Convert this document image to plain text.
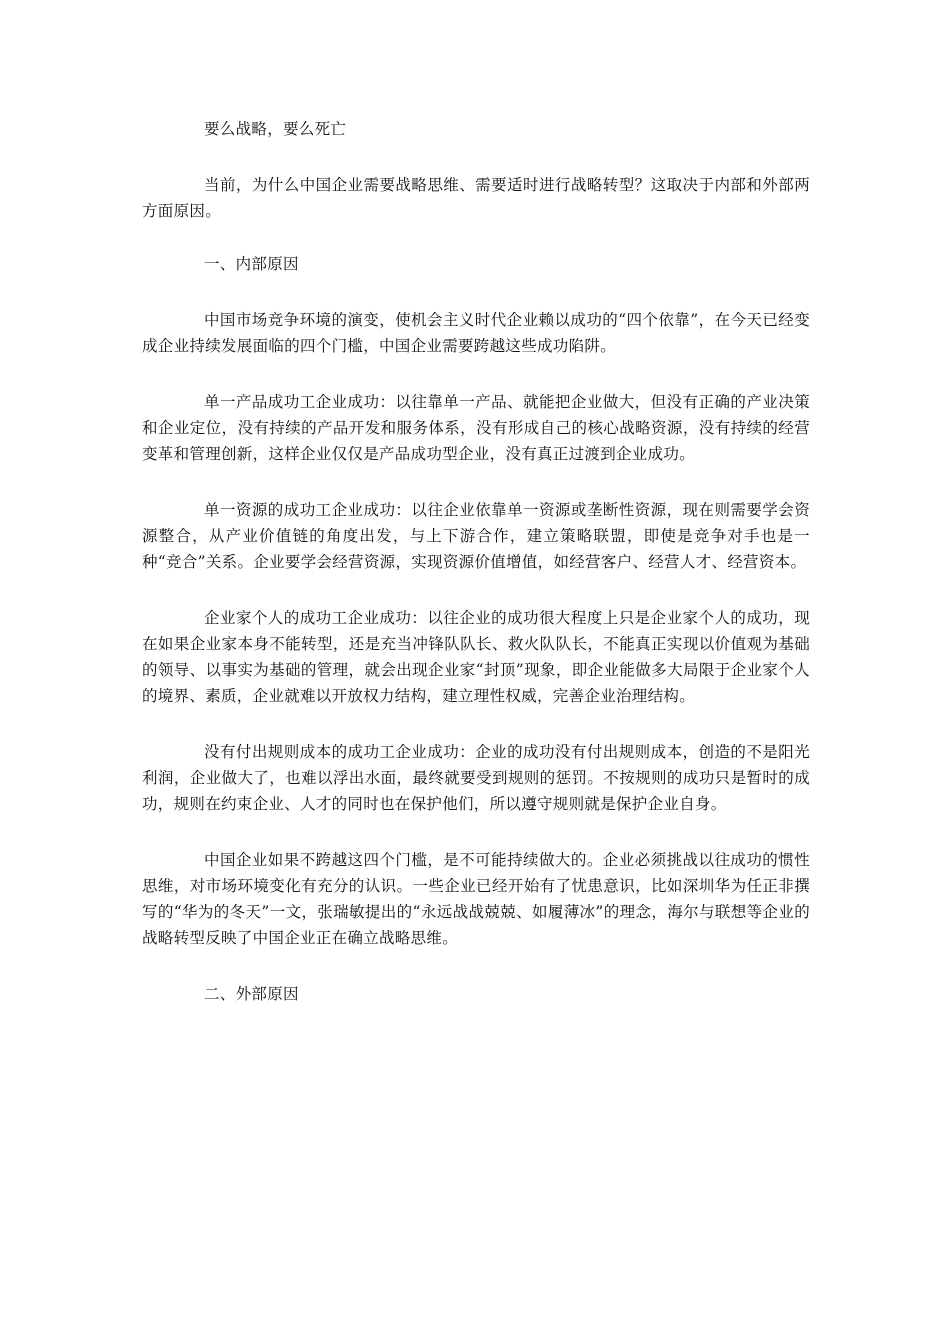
要么战略，要么死亡

当前，为什么中国企业需要战略思维、需要适时进行战略转型？这取决于内部和外部两方面原因。

一、内部原因

中国市场竞争环境的演变，使机会主义时代企业赖以成功的“四个依靠”，在今天已经变成企业持续发展面临的四个门槛，中国企业需要跨越这些成功陷阱。

单一产品成功工企业成功：以往靠单一产品、就能把企业做大，但没有正确的产业决策和企业定位，没有持续的产品开发和服务体系，没有形成自己的核心战略资源，没有持续的经营变革和管理创新，这样企业仅仅是产品成功型企业，没有真正过渡到企业成功。

单一资源的成功工企业成功：以往企业依靠单一资源或垄断性资源，现在则需要学会资源整合，从产业价值链的角度出发，与上下游合作，建立策略联盟，即使是竞争对手也是一种“竞合”关系。企业要学会经营资源，实现资源价值增值，如经营客户、经营人才、经营资本。

企业家个人的成功工企业成功：以往企业的成功很大程度上只是企业家个人的成功，现在如果企业家本身不能转型，还是充当冲锋队队长、救火队队长，不能真正实现以价值观为基础的领导、以事实为基础的管理，就会出现企业家“封顶”现象，即企业能做多大局限于企业家个人的境界、素质，企业就难以开放权力结构，建立理性权威，完善企业治理结构。

没有付出规则成本的成功工企业成功：企业的成功没有付出规则成本，创造的不是阳光利润，企业做大了，也难以浮出水面，最终就要受到规则的惩罚。不按规则的成功只是暂时的成功，规则在约束企业、人才的同时也在保护他们，所以遵守规则就是保护企业自身。

中国企业如果不跨越这四个门槛，是不可能持续做大的。企业必须挑战以往成功的惯性思维，对市场环境变化有充分的认识。一些企业已经开始有了忧患意识，比如深圳华为任正非撰写的“华为的冬天”一文，张瑞敏提出的“永远战战兢兢、如履薄冰”的理念，海尔与联想等企业的战略转型反映了中国企业正在确立战略思维。

二、外部原因
